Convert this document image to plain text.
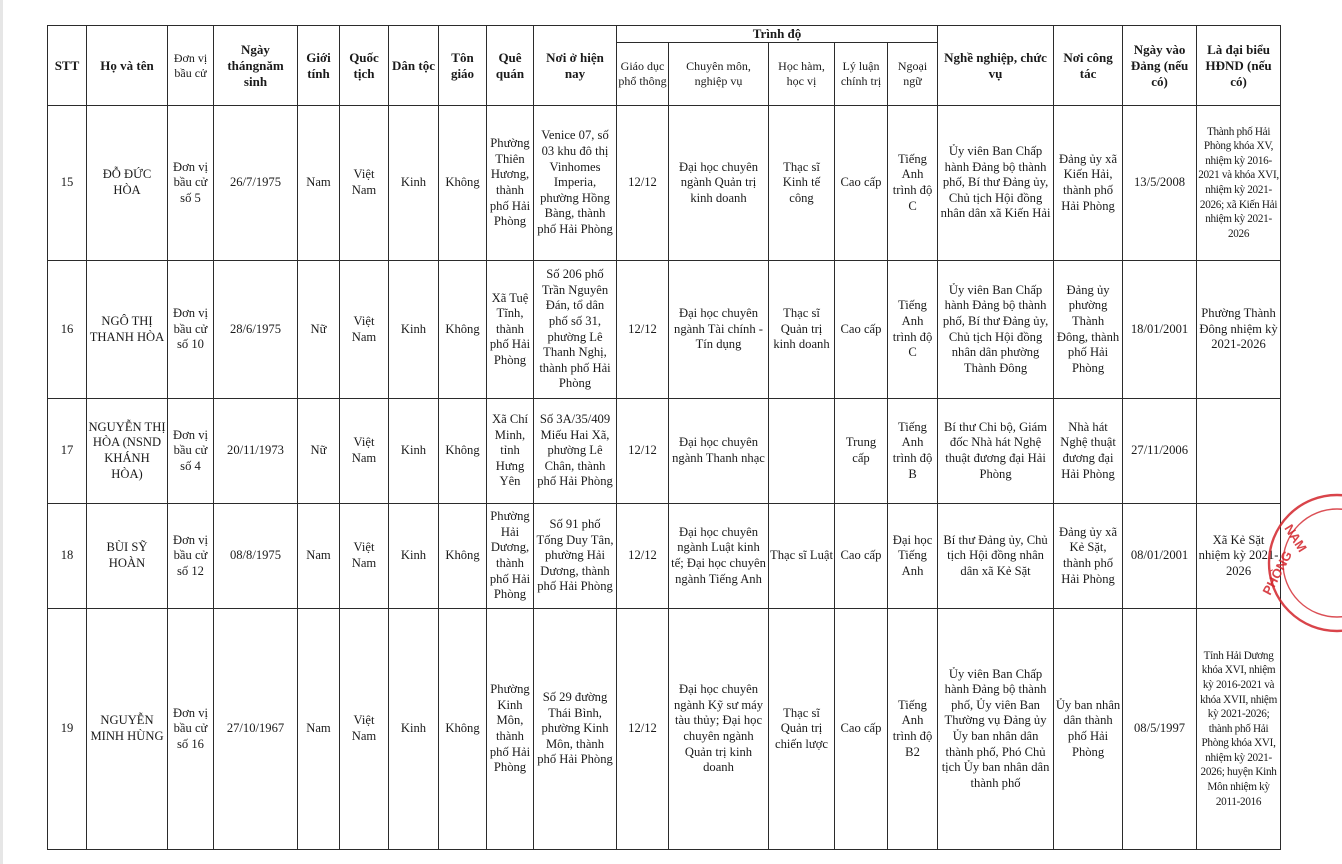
STT	Họ và tên	Đơn vị bầu cử	Ngày thángnăm sinh	Giới tính	Quốc tịch	Dân tộc	Tôn giáo	Quê quán	Nơi ở hiện nay	Trình độ					Nghề nghiệp, chức vụ	Nơi công tác	Ngày vào Đảng (nếu có)	Là đại biểu HĐND (nếu có)
										Giáo dục phổ thông	Chuyên môn, nghiệp vụ	Học hàm, học vị	Lý luận chính trị	Ngoại ngữ				
15	ĐỖ ĐỨC HÒA	Đơn vị bầu cử số 5	26/7/1975	Nam	Việt Nam	Kinh	Không	Phường Thiên Hương, thành phố Hải Phòng	Venice 07, số 03 khu đô thị Vinhomes Imperia, phường Hồng Bàng, thành phố Hải Phòng	12/12	Đại học chuyên ngành Quản trị kinh doanh	Thạc sĩ Kinh tế công	Cao cấp	Tiếng Anh trình độ C	Ủy viên Ban Chấp hành Đảng bộ thành phố, Bí thư Đảng ủy, Chủ tịch Hội đồng nhân dân xã Kiến Hải	Đảng ủy xã Kiến Hải, thành phố Hải Phòng	13/5/2008	Thành phố Hải Phòng khóa XV, nhiệm kỳ 2016-2021 và khóa XVI, nhiệm kỳ 2021-2026; xã Kiến Hải nhiệm kỳ 2021-2026
16	NGÔ THỊ THANH HÒA	Đơn vị bầu cử số 10	28/6/1975	Nữ	Việt Nam	Kinh	Không	Xã Tuệ Tĩnh, thành phố Hải Phòng	Số 206 phố Trần Nguyên Đán, tổ dân phố số 31, phường Lê Thanh Nghị, thành phố Hải Phòng	12/12	Đại học chuyên ngành Tài chính - Tín dụng	Thạc sĩ Quản trị kinh doanh	Cao cấp	Tiếng Anh trình độ C	Ủy viên Ban Chấp hành Đảng bộ thành phố, Bí thư Đảng ủy, Chủ tịch Hội đồng nhân dân phường Thành Đông	Đảng ủy phường Thành Đông, thành phố Hải Phòng	18/01/2001	Phường Thành Đông nhiệm kỳ 2021-2026
17	NGUYỄN THỊ HÒA (NSND KHÁNH HÒA)	Đơn vị bầu cử số 4	20/11/1973	Nữ	Việt Nam	Kinh	Không	Xã Chí Minh, tỉnh Hưng Yên	Số 3A/35/409 Miếu Hai Xã, phường Lê Chân, thành phố Hải Phòng	12/12	Đại học chuyên ngành Thanh nhạc		Trung cấp	Tiếng Anh trình độ B	Bí thư Chi bộ, Giám đốc Nhà hát Nghệ thuật đương đại Hải Phòng	Nhà hát Nghệ thuật đương đại Hải Phòng	27/11/2006	
18	BÙI SỸ HOÀN	Đơn vị bầu cử số 12	08/8/1975	Nam	Việt Nam	Kinh	Không	Phường Hải Dương, thành phố Hải Phòng	Số 91 phố Tống Duy Tân, phường Hải Dương, thành phố Hải Phòng	12/12	Đại học chuyên ngành Luật kinh tế; Đại học chuyên ngành Tiếng Anh	Thạc sĩ Luật	Cao cấp	Đại học Tiếng Anh	Bí thư Đảng ủy, Chủ tịch Hội đồng nhân dân xã Kẻ Sặt	Đảng ủy xã Kẻ Sặt, thành phố Hải Phòng	08/01/2001	Xã Kẻ Sặt nhiệm kỳ 2021-2026
19	NGUYỄN MINH HÙNG	Đơn vị bầu cử số 16	27/10/1967	Nam	Việt Nam	Kinh	Không	Phường Kinh Môn, thành phố Hải Phòng	Số 29 đường Thái Bình, phường Kinh Môn, thành phố Hải Phòng	12/12	Đại học chuyên ngành Kỹ sư máy tàu thủy; Đại học chuyên ngành Quản trị kinh doanh	Thạc sĩ Quản trị chiến lược	Cao cấp	Tiếng Anh trình độ B2	Ủy viên Ban Chấp hành Đảng bộ thành phố, Ủy viên Ban Thường vụ Đảng ủy Ủy ban nhân dân thành phố, Phó Chủ tịch Ủy ban nhân dân thành phố	Ủy ban nhân dân thành phố Hải Phòng	08/5/1997	Tỉnh Hải Dương khóa XVI, nhiệm kỳ 2016-2021 và khóa XVII, nhiệm kỳ 2021-2026; thành phố Hải Phòng khóa XVI, nhiệm kỳ 2021-2026; huyện Kinh Môn nhiệm kỳ 2011-2016
NAM
PHÒNG
